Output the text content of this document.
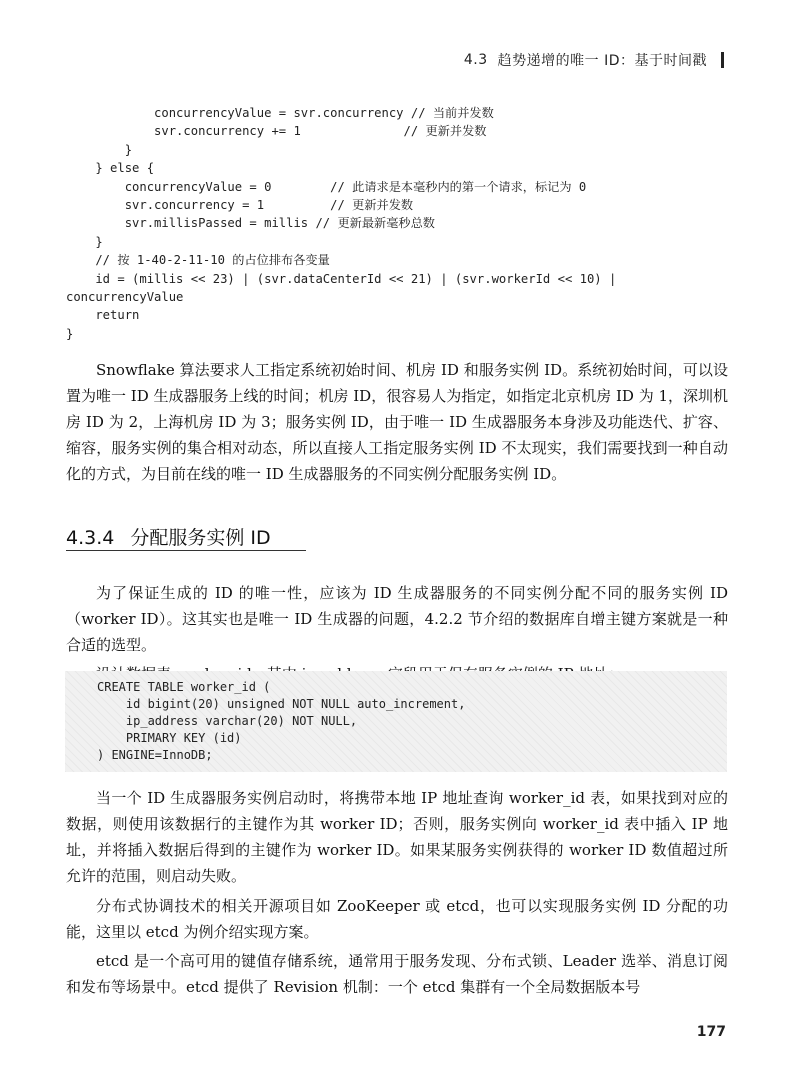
4.3 趋势递增的唯一 ID：基于时间戳
concurrencyValue = svr.concurrency // 当前并发数
svr.concurrency += 1              // 更新并发数
}
} else {
concurrencyValue = 0        // 此请求是本毫秒内的第一个请求，标记为 0
svr.concurrency = 1         // 更新并发数
svr.millisPassed = millis // 更新最新毫秒总数
}
// 按 1-40-2-11-10 的占位排布各变量
id = (millis << 23) | (svr.dataCenterId << 21) | (svr.workerId << 10) |
concurrencyValue
return
}

Snowflake 算法要求人工指定系统初始时间、机房 ID 和服务实例 ID。系统初始时间，可以设置为唯一 ID 生成器服务上线的时间；机房 ID，很容易人为指定，如指定北京机房 ID 为 1，深圳机房 ID 为 2，上海机房 ID 为 3；服务实例 ID，由于唯一 ID 生成器服务本身涉及功能迭代、扩容、缩容，服务实例的集合相对动态，所以直接人工指定服务实例 ID 不太现实，我们需要找到一种自动化的方式，为目前在线的唯一 ID 生成器服务的不同实例分配服务实例 ID。

4.3.4 分配服务实例 ID

为了保证生成的 ID 的唯一性，应该为 ID 生成器服务的不同实例分配不同的服务实例 ID（worker ID）。这其实也是唯一 ID 生成器的问题，4.2.2 节介绍的数据库自增主键方案就是一种合适的选型。

CREATE TABLE worker_id (
id bigint(20) unsigned NOT NULL auto_increment,
ip_address varchar(20) NOT NULL,
PRIMARY KEY (id)
) ENGINE=InnoDB;

当一个 ID 生成器服务实例启动时，将携带本地 IP 地址查询 worker_id 表，如果找到对应的数据，则使用该数据行的主键作为其 worker ID；否则，服务实例向 worker_id 表中插入 IP 地址，并将插入数据后得到的主键作为 worker ID。如果某服务实例获得的 worker ID 数值超过所允许的范围，则启动失败。

分布式协调技术的相关开源项目如 ZooKeeper 或 etcd，也可以实现服务实例 ID 分配的功能，这里以 etcd 为例介绍实现方案。

etcd 是一个高可用的键值存储系统，通常用于服务发现、分布式锁、Leader 选举、消息订阅和发布等场景中。etcd 提供了 Revision 机制：一个 etcd 集群有一个全局数据版本号

177
